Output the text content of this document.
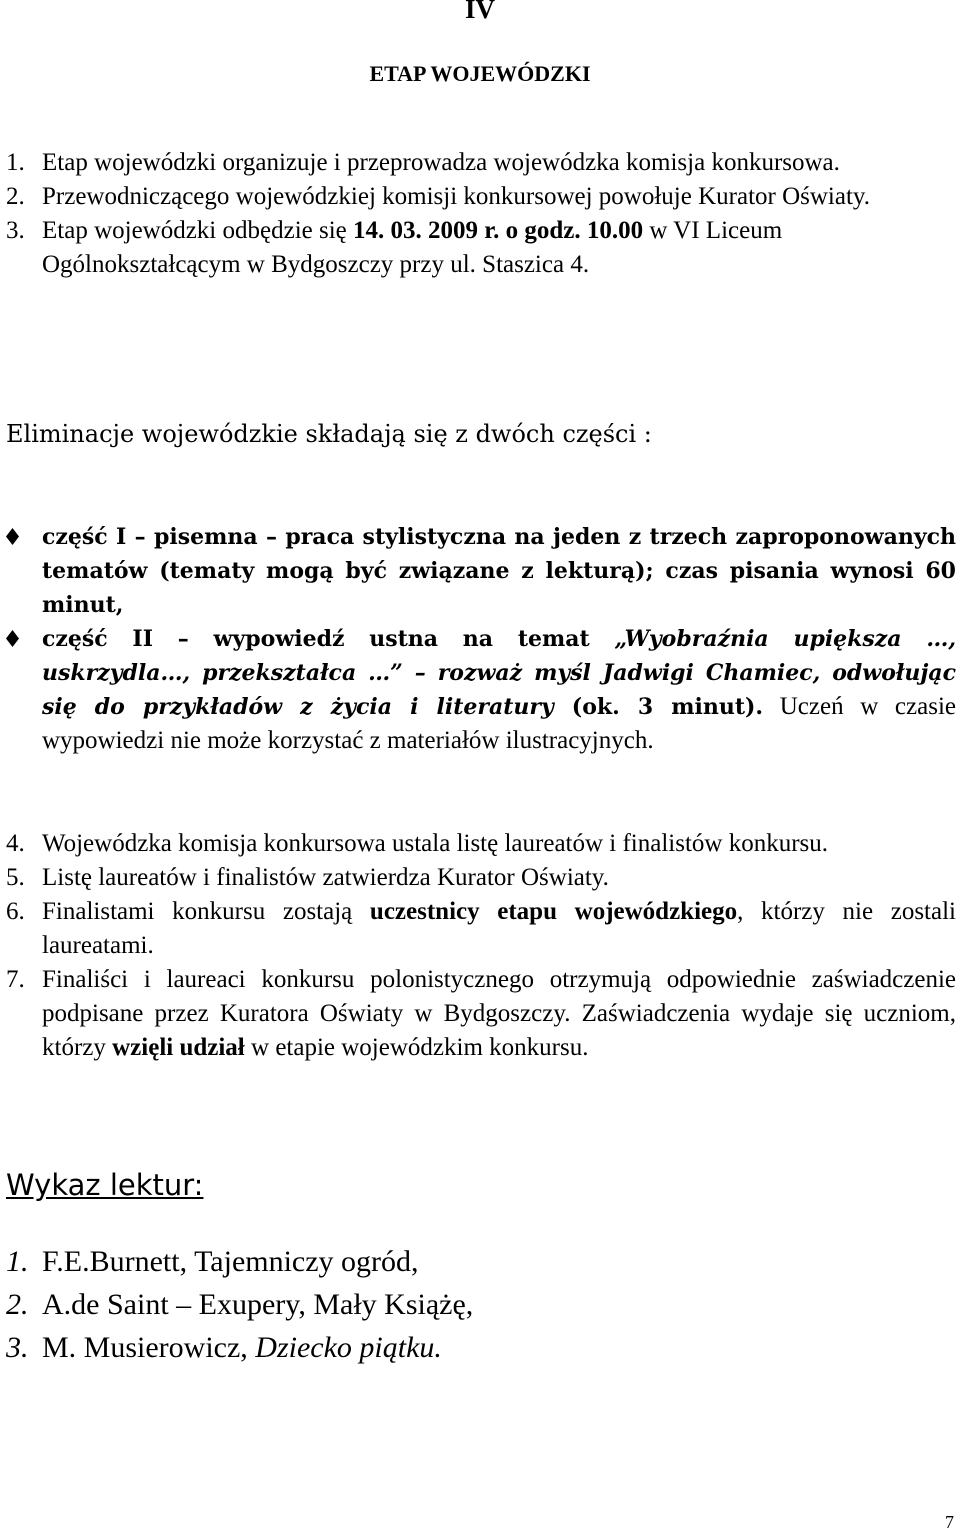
IV
ETAP WOJEWÓDZKI
1. Etap wojewódzki organizuje i przeprowadza wojewódzka komisja konkursowa.
2. Przewodniczącego wojewódzkiej komisji konkursowej powołuje Kurator Oświaty.
3. Etap wojewódzki odbędzie się 14. 03. 2009 r. o godz. 10.00 w VI Liceum Ogólnokształcącym w Bydgoszczy przy ul. Staszica 4.
Eliminacje wojewódzkie składają się z dwóch części :
część I – pisemna – praca stylistyczna na jeden z trzech zaproponowanych tematów (tematy mogą być związane z lekturą); czas pisania wynosi 60 minut,
część II – wypowiedź ustna na temat „Wyobraźnia upiększa …, uskrzydla…, przekształca …” – rozważ myśl Jadwigi Chamiec, odwołując się do przykładów z życia i literatury (ok. 3 minut). Uczeń w czasie wypowiedzi nie może korzystać z materiałów ilustracyjnych.
4. Wojewódzka komisja konkursowa ustala listę laureatów i finalistów konkursu.
5. Listę laureatów i finalistów zatwierdza Kurator Oświaty.
6. Finalistami konkursu zostają uczestnicy etapu wojewódzkiego, którzy nie zostali laureatami.
7. Finaliści i laureaci konkursu polonistycznego otrzymują odpowiednie zaświadczenie podpisane przez Kuratora Oświaty w Bydgoszczy. Zaświadczenia wydaje się uczniom, którzy wzięli udział w etapie wojewódzkim konkursu.
Wykaz lektur:
1. F.E.Burnett, Tajemniczy ogród,
2. A.de Saint – Exupery, Mały Książę,
3. M. Musierowicz, Dziecko piątku.
7
